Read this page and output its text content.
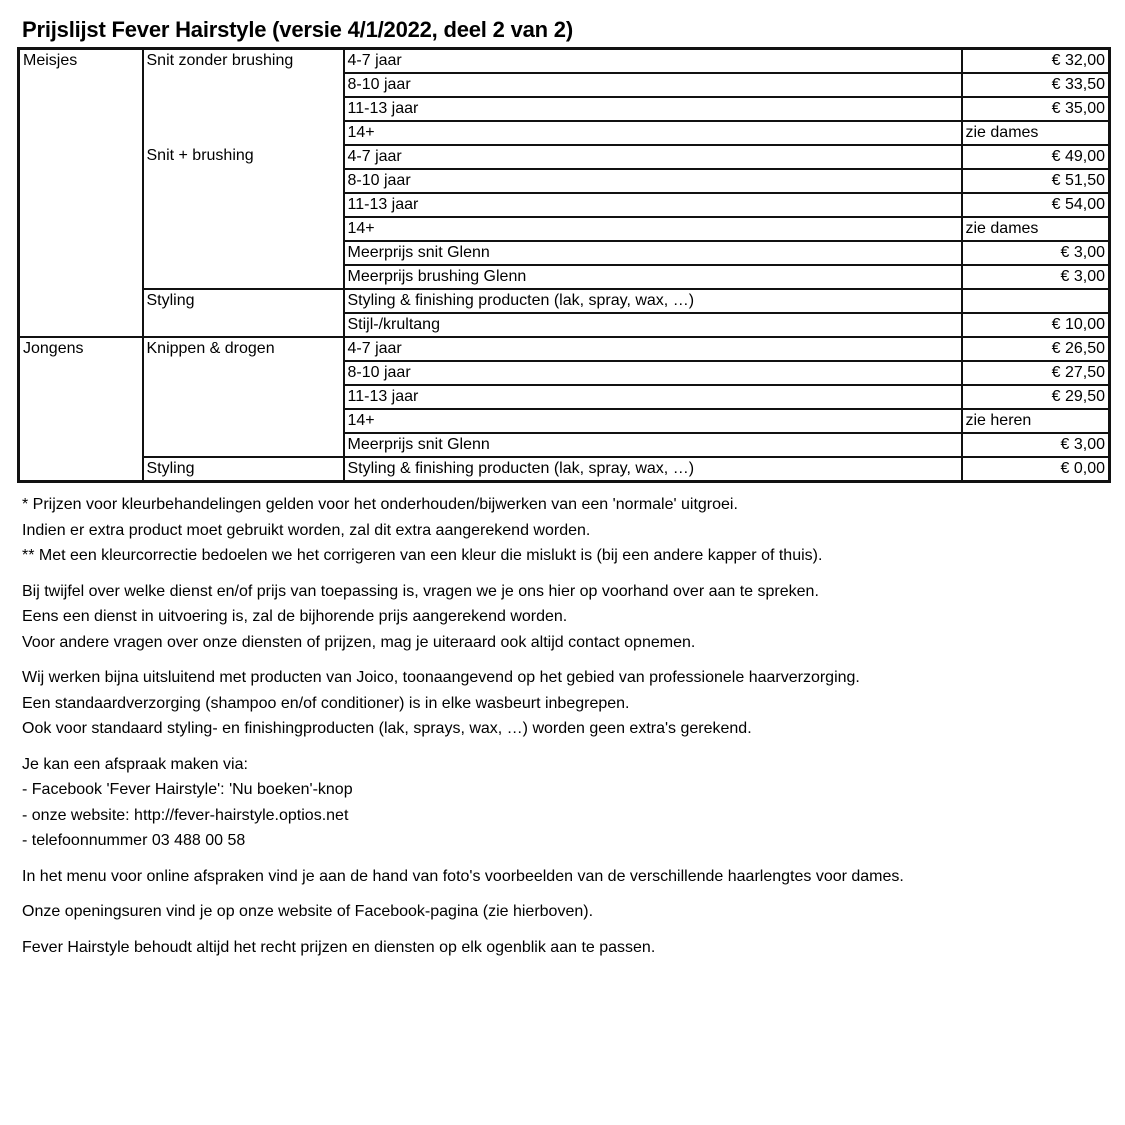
Prijslijst Fever Hairstyle (versie 4/1/2022, deel 2 van 2)
Meisjes	Snit zonder brushing	4-7 jaar	€ 32,00
		8-10 jaar	€ 33,50
		11-13 jaar	€ 35,00
		14+	zie dames
	Snit + brushing	4-7 jaar	€ 49,00
		8-10 jaar	€ 51,50
		11-13 jaar	€ 54,00
		14+	zie dames
		Meerprijs snit Glenn	€ 3,00
		Meerprijs brushing Glenn	€ 3,00
	Styling	Styling & finishing producten (lak, spray, wax, …)	
		Stijl-/krultang	€ 10,00
Jongens	Knippen & drogen	4-7 jaar	€ 26,50
		8-10 jaar	€ 27,50
		11-13 jaar	€ 29,50
		14+	zie heren
		Meerprijs snit Glenn	€ 3,00
	Styling	Styling & finishing producten (lak, spray, wax, …)	€ 0,00
* Prijzen voor kleurbehandelingen gelden voor het onderhouden/bijwerken van een 'normale' uitgroei.
Indien er extra product moet gebruikt worden, zal dit extra aangerekend worden.
** Met een kleurcorrectie bedoelen we het corrigeren van een kleur die mislukt is (bij een andere kapper of thuis).
Bij twijfel over welke dienst en/of prijs van toepassing is, vragen we je ons hier op voorhand over aan te spreken.
Eens een dienst in uitvoering is, zal de bijhorende prijs aangerekend worden.
Voor andere vragen over onze diensten of prijzen, mag je uiteraard ook altijd contact opnemen.
Wij werken bijna uitsluitend met producten van Joico, toonaangevend op het gebied van professionele haarverzorging.
Een standaardverzorging (shampoo en/of conditioner) is in elke wasbeurt inbegrepen.
Ook voor standaard styling- en finishingproducten (lak, sprays, wax, …) worden geen extra's gerekend.
Je kan een afspraak maken via:
- Facebook 'Fever Hairstyle': 'Nu boeken'-knop
- onze website: http://fever-hairstyle.optios.net
- telefoonnummer 03 488 00 58
In het menu voor online afspraken vind je aan de hand van foto's voorbeelden van de verschillende haarlengtes voor dames.
Onze openingsuren vind je op onze website of Facebook-pagina (zie hierboven).
Fever Hairstyle behoudt altijd het recht prijzen en diensten op elk ogenblik aan te passen.
